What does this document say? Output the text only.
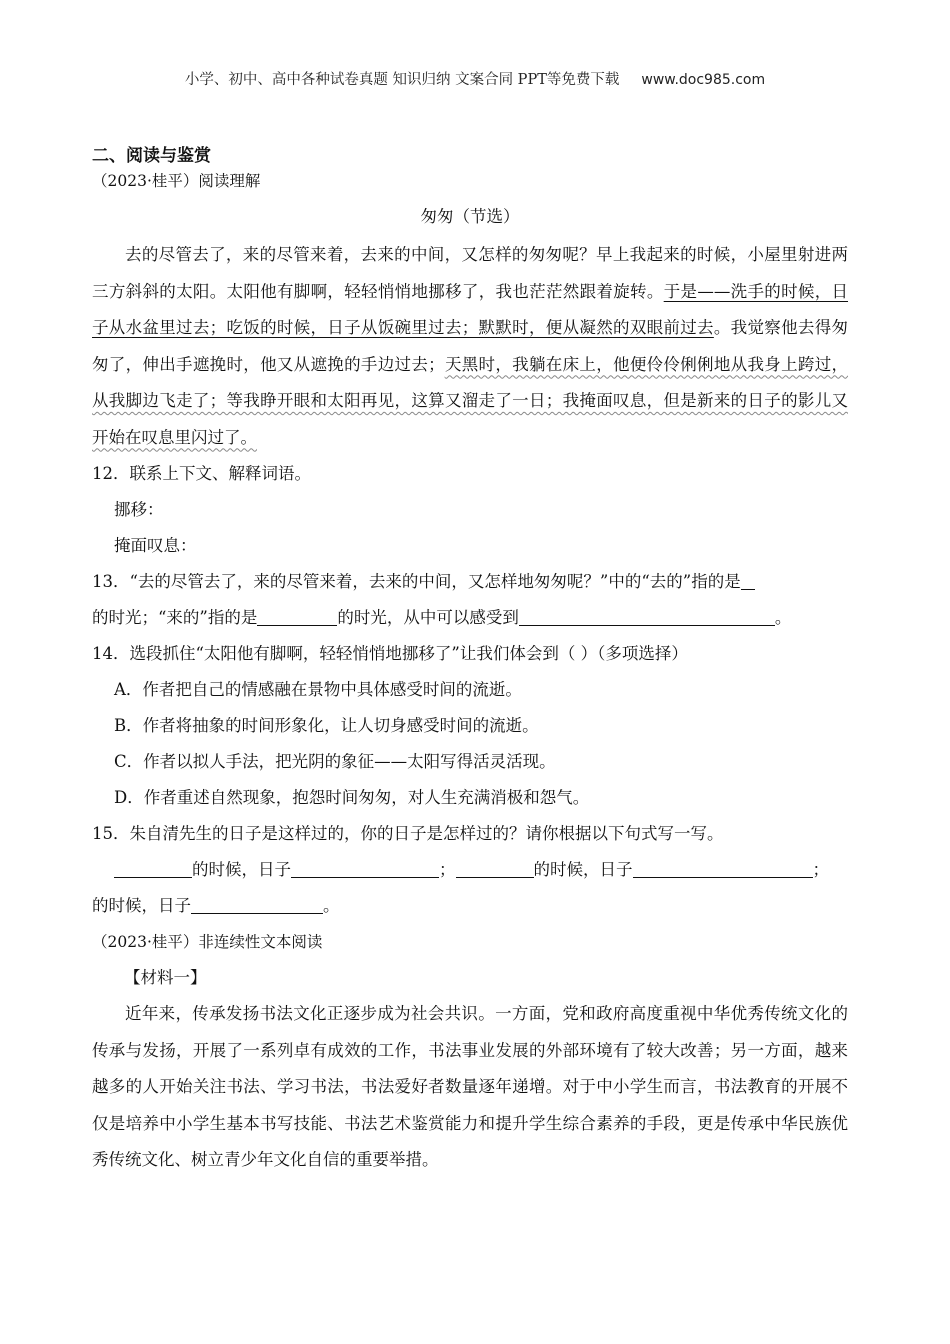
小学、初中、高中各种试卷真题 知识归纳 文案合同 PPT等免费下载 www.doc985.com
二、阅读与鉴赏
（2023·桂平）阅读理解
匆匆（节选）
去的尽管去了，来的尽管来着，去来的中间，又怎样的匆匆呢？早上我起来的时候，小屋里射进两三方斜斜的太阳。太阳他有脚啊，轻轻悄悄地挪移了，我也茫茫然跟着旋转。于是——洗手的时候，日子从水盆里过去；吃饭的时候，日子从饭碗里过去；默默时，便从凝然的双眼前过去。我觉察他去得匆匆了，伸出手遮挽时，他又从遮挽的手边过去；天黑时，我躺在床上，他便伶伶俐俐地从我身上跨过，从我脚边飞走了；等我睁开眼和太阳再见，这算又溜走了一日；我掩面叹息，但是新来的日子的影儿又开始在叹息里闪过了。
12．联系上下文、解释词语。
挪移：
掩面叹息：
13．“去的尽管去了，来的尽管来着，去来的中间，又怎样地匆匆呢？”中的“去的”指的是
的时光；“来的”指的是	的时光，从中可以感受到	。
14．选段抓住“太阳他有脚啊，轻轻悄悄地挪移了”让我们体会到（ ）（多项选择）
A．作者把自己的情感融在景物中具体感受时间的流逝。
B．作者将抽象的时间形象化，让人切身感受时间的流逝。
C．作者以拟人手法，把光阴的象征——太阳写得活灵活现。
D．作者重述自然现象，抱怨时间匆匆，对人生充满消极和怨气。
15．朱自清先生的日子是这样过的，你的日子是怎样过的？请你根据以下句式写一写。
的时候，日子	；	的时候，日子	；
的时候，日子	。
（2023·桂平）非连续性文本阅读
【材料一】
近年来，传承发扬书法文化正逐步成为社会共识。一方面，党和政府高度重视中华优秀传统文化的传承与发扬，开展了一系列卓有成效的工作，书法事业发展的外部环境有了较大改善；另一方面，越来越多的人开始关注书法、学习书法，书法爱好者数量逐年递增。对于中小学生而言，书法教育的开展不仅是培养中小学生基本书写技能、书法艺术鉴赏能力和提升学生综合素养的手段，更是传承中华民族优秀传统文化、树立青少年文化自信的重要举措。
